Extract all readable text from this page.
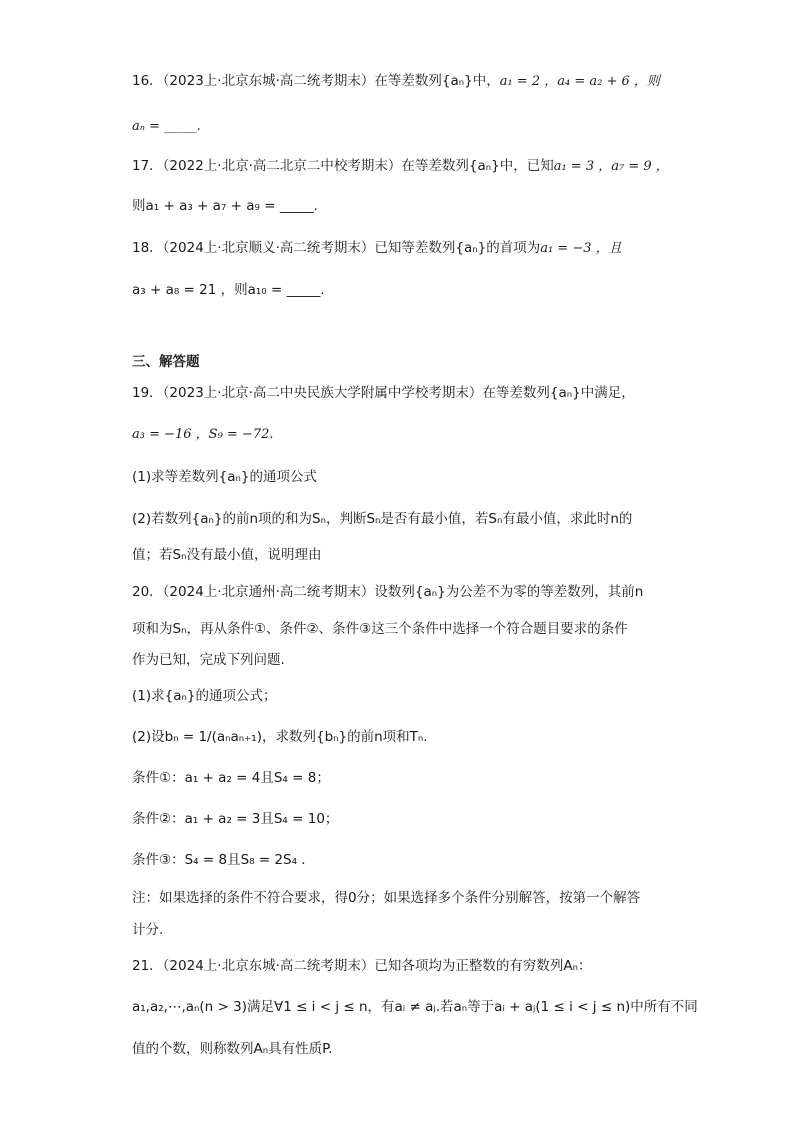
16．（2023上·北京东城·高二统考期末）在等差数列{aₙ}中，a₁ = 2 ，a₄ = a₂ + 6 ，则
aₙ = _____.
17．（2022上·北京·高二北京二中校考期末）在等差数列{aₙ}中，已知a₁ = 3 ，a₇ = 9 ，
则a₁ + a₃ + a₇ + a₉ = _____.
18．（2024上·北京顺义·高二统考期末）已知等差数列{aₙ}的首项为a₁ = −3 ，且
a₃ + a₈ = 21 ，则a₁₀ = _____.
三、解答题
19．（2023上·北京·高二中央民族大学附属中学校考期末）在等差数列{aₙ}中满足，
a₃ = −16 ，S₉ = −72.
(1)求等差数列{aₙ}的通项公式
(2)若数列{aₙ}的前n项的和为Sₙ，判断Sₙ是否有最小值，若Sₙ有最小值，求此时n的
值；若Sₙ没有最小值，说明理由
20．（2024上·北京通州·高二统考期末）设数列{aₙ}为公差不为零的等差数列，其前n
项和为Sₙ，再从条件①、条件②、条件③这三个条件中选择一个符合题目要求的条件
作为已知，完成下列问题.
(1)求{aₙ}的通项公式；
(2)设bₙ = 1/(aₙaₙ₊₁)，求数列{bₙ}的前n项和Tₙ.
条件①：a₁ + a₂ = 4且S₄ = 8；
条件②：a₁ + a₂ = 3且S₄ = 10；
条件③：S₄ = 8且S₈ = 2S₄ .
注：如果选择的条件不符合要求，得0分；如果选择多个条件分别解答，按第一个解答
计分.
21．（2024上·北京东城·高二统考期末）已知各项均为正整数的有穷数列Aₙ：
a₁,a₂,⋯,aₙ(n > 3)满足∀1 ≤ i < j ≤ n，有aᵢ ≠ aⱼ.若aₙ等于aᵢ + aⱼ(1 ≤ i < j ≤ n)中所有不同
值的个数，则称数列Aₙ具有性质P.
